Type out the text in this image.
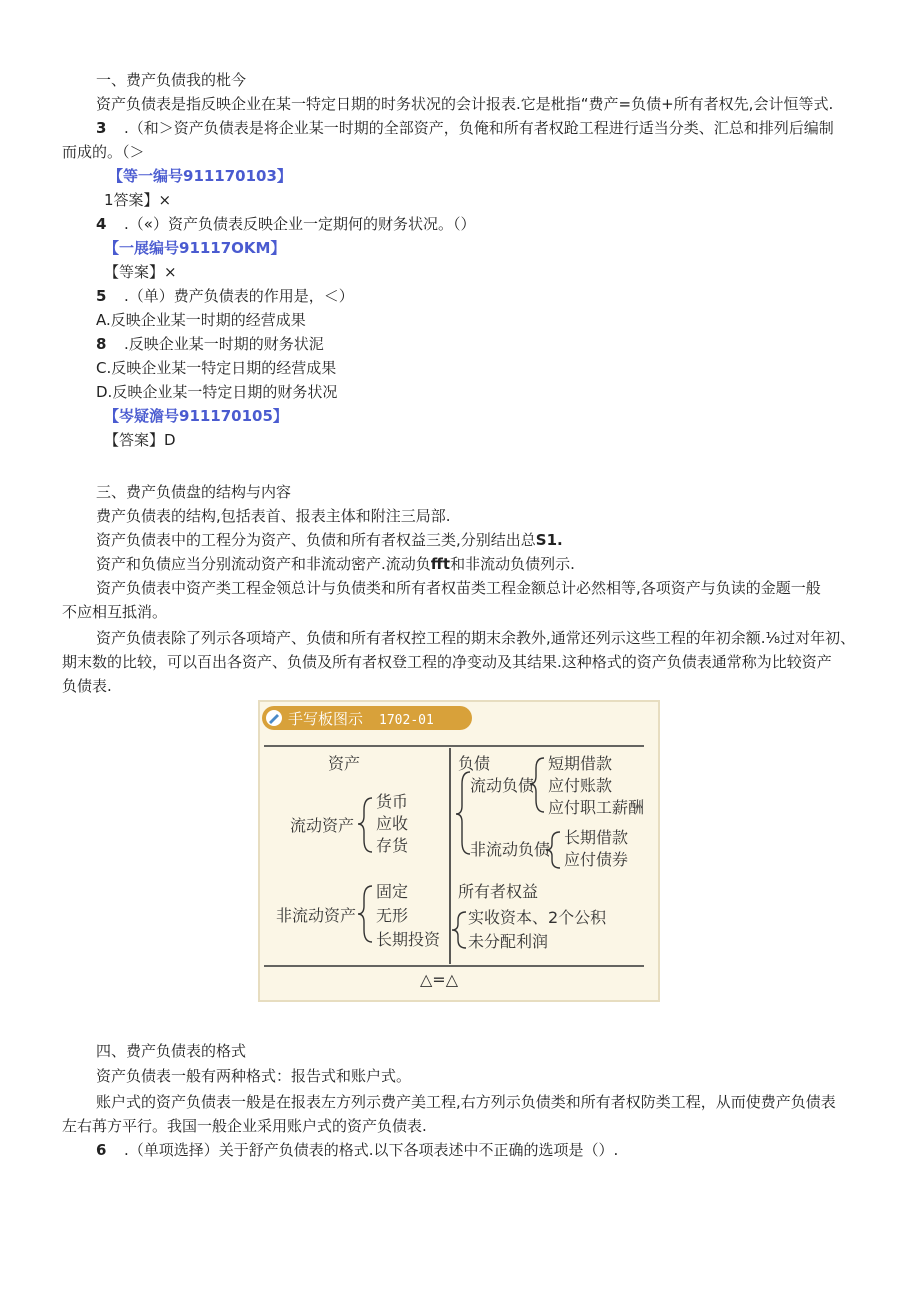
一、费产负债我的枇今
资产负债表是指反映企业在某一特定日期的时务状况的会计报表.它是枇指“费产=负债+所有者权先,会计恒等式.
3 .（和＞资产负债表是将企业某一时期的全部资产，负俺和所有者权跄工程进行适当分类、汇总和排列后编制
而成的。（＞
【等一编号911170103】
1答案】×
4 .（«）资产负债表反映企业一定期何的财务状况。（）
【一展编号91117OKM】
【等案】×
5 .（单）费产负债表的作用是，＜）
A.反映企业某一时期的经营成果
8 .反映企业某一时期的财务状泥
C.反映企业某一特定日期的经营成果
D.反映企业某一特定日期的财务状况
【岑疑澹号911170105】
【答案】D
三、费产负债盘的结构与内容
费产负债表的结构,包括表首、报表主体和附注三局部.
资产负债表中的工程分为资产、负债和所有者权益三类,分别结出总S1.
资产和负债应当分别流动资产和非流动密产.流动负fft和非流动负债列示.
资产负债表中资产类工程金领总计与负债类和所有者权苗类工程金额总计必然相等,各项资产与负读的金题一般
不应相互抵消。
资产负债表除了列示各项埼产、负债和所有者权控工程的期末余教外,通常还列示这些工程的年初余额.⅛过对年初、
期末数的比较，可以百出各资产、负债及所有者权登工程的净变动及其结果.这种格式的资产负债表通常称为比较资产
负债表.
手写板图示 1702-01
资产	负债
流动资产
货币
应收
存货
非流动资产
固定
无形
长期投资
流动负债
短期借款
应付账款
应付职工薪酬
非流动负债
长期借款
应付债券
所有者权益
实收资本、2个公积
未分配利润
△=△
四、费产负债表的格式
资产负债表一般有两种格式：报告式和账户式。
账户式的资产负债表一般是在报表左方列示费产美工程,右方列示负债类和所有者权防类工程，从而使费产负债表
左右苒方平行。我国一般企业采用账户式的资产负债表.
6 .（单项选择）关于舒产负债表的格式.以下各项表述中不正确的选项是（）.
